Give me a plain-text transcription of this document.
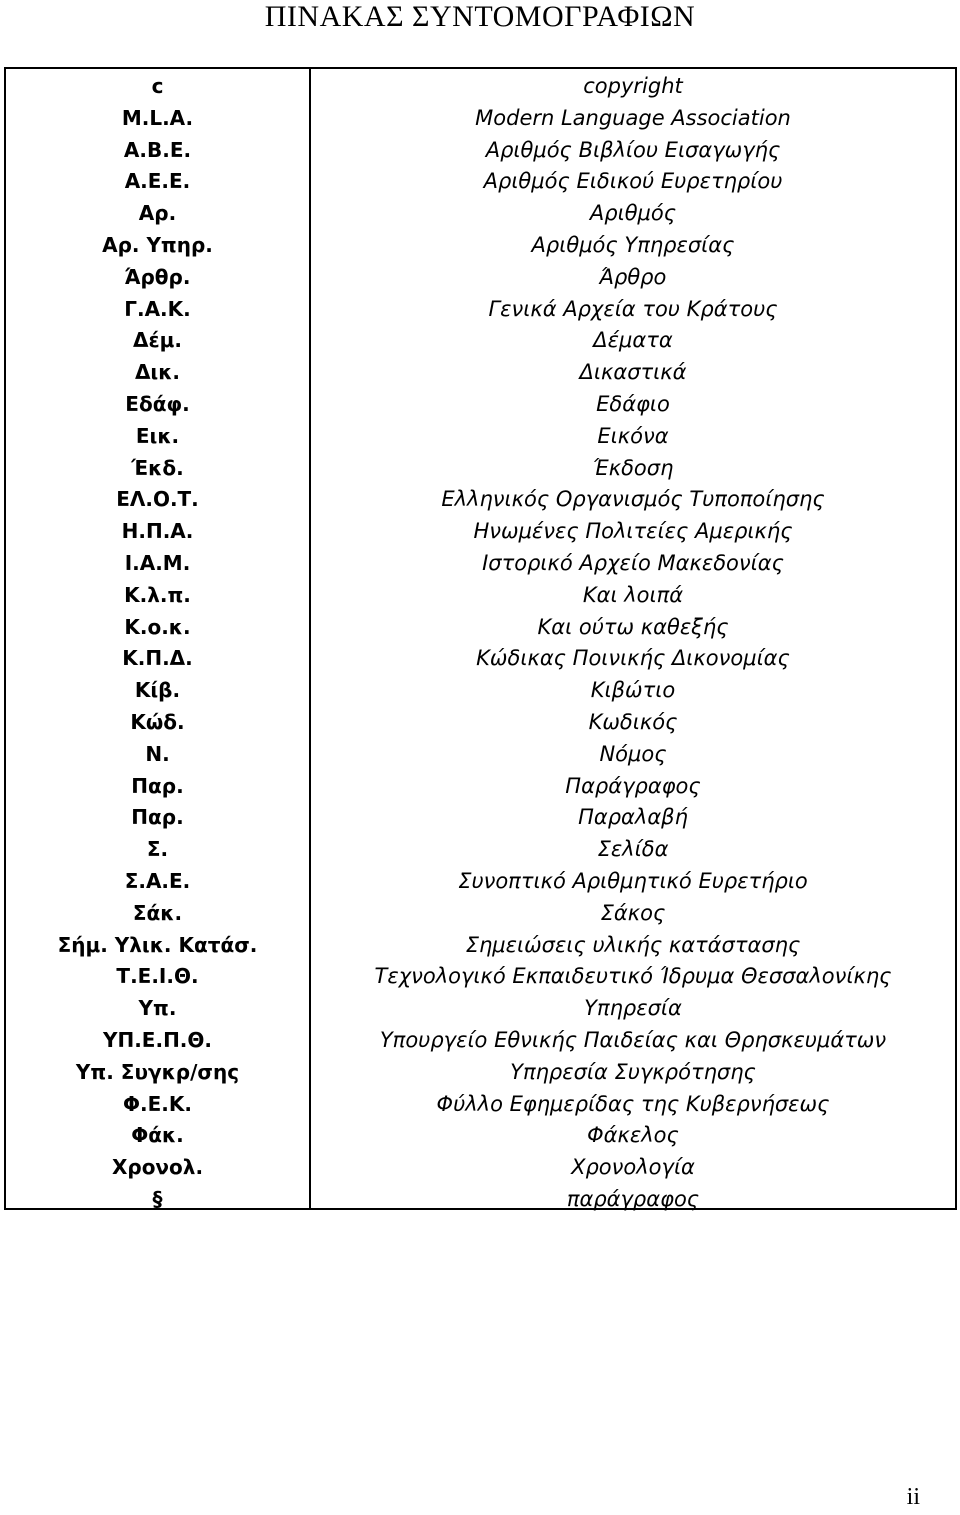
ΠΙΝΑΚΑΣ ΣΥΝΤΟΜΟΓΡΑΦΙΩΝ
c
M.L.A.
Α.Β.Ε.
Α.Ε.Ε.
Αρ.
Αρ. Υπηρ.
Άρθρ.
Γ.Α.Κ.
Δέμ.
Δικ.
Εδάφ.
Εικ.
Έκδ.
ΕΛ.Ο.Τ.
Η.Π.Α.
Ι.Α.Μ.
Κ.λ.π.
Κ.ο.κ.
Κ.Π.Δ.
Κίβ.
Κώδ.
Ν.
Παρ.
Παρ.
Σ.
Σ.Α.Ε.
Σάκ.
Σήμ. Υλικ. Κατάσ.
Τ.Ε.Ι.Θ.
Υπ.
ΥΠ.Ε.Π.Θ.
Υπ. Συγκρ/σης
Φ.Ε.Κ.
Φάκ.
Χρονολ.
§
copyright
Modern Language Association
Αριθμός Βιβλίου Εισαγωγής
Αριθμός Ειδικού Ευρετηρίου
Αριθμός
Αριθμός Υπηρεσίας
Άρθρο
Γενικά Αρχεία του Κράτους
Δέματα
Δικαστικά
Εδάφιο
Εικόνα
Έκδοση
Ελληνικός Οργανισμός Τυποποίησης
Ηνωμένες Πολιτείες Αμερικής
Ιστορικό Αρχείο Μακεδονίας
Και λοιπά
Και ούτω καθεξής
Κώδικας Ποινικής Δικονομίας
Κιβώτιο
Κωδικός
Νόμος
Παράγραφος
Παραλαβή
Σελίδα
Συνοπτικό Αριθμητικό Ευρετήριο
Σάκος
Σημειώσεις υλικής κατάστασης
Τεχνολογικό Εκπαιδευτικό Ίδρυμα Θεσσαλονίκης
Υπηρεσία
Υπουργείο Εθνικής Παιδείας και Θρησκευμάτων
Υπηρεσία Συγκρότησης
Φύλλο Εφημερίδας της Κυβερνήσεως
Φάκελος
Χρονολογία
παράγραφος
ii
